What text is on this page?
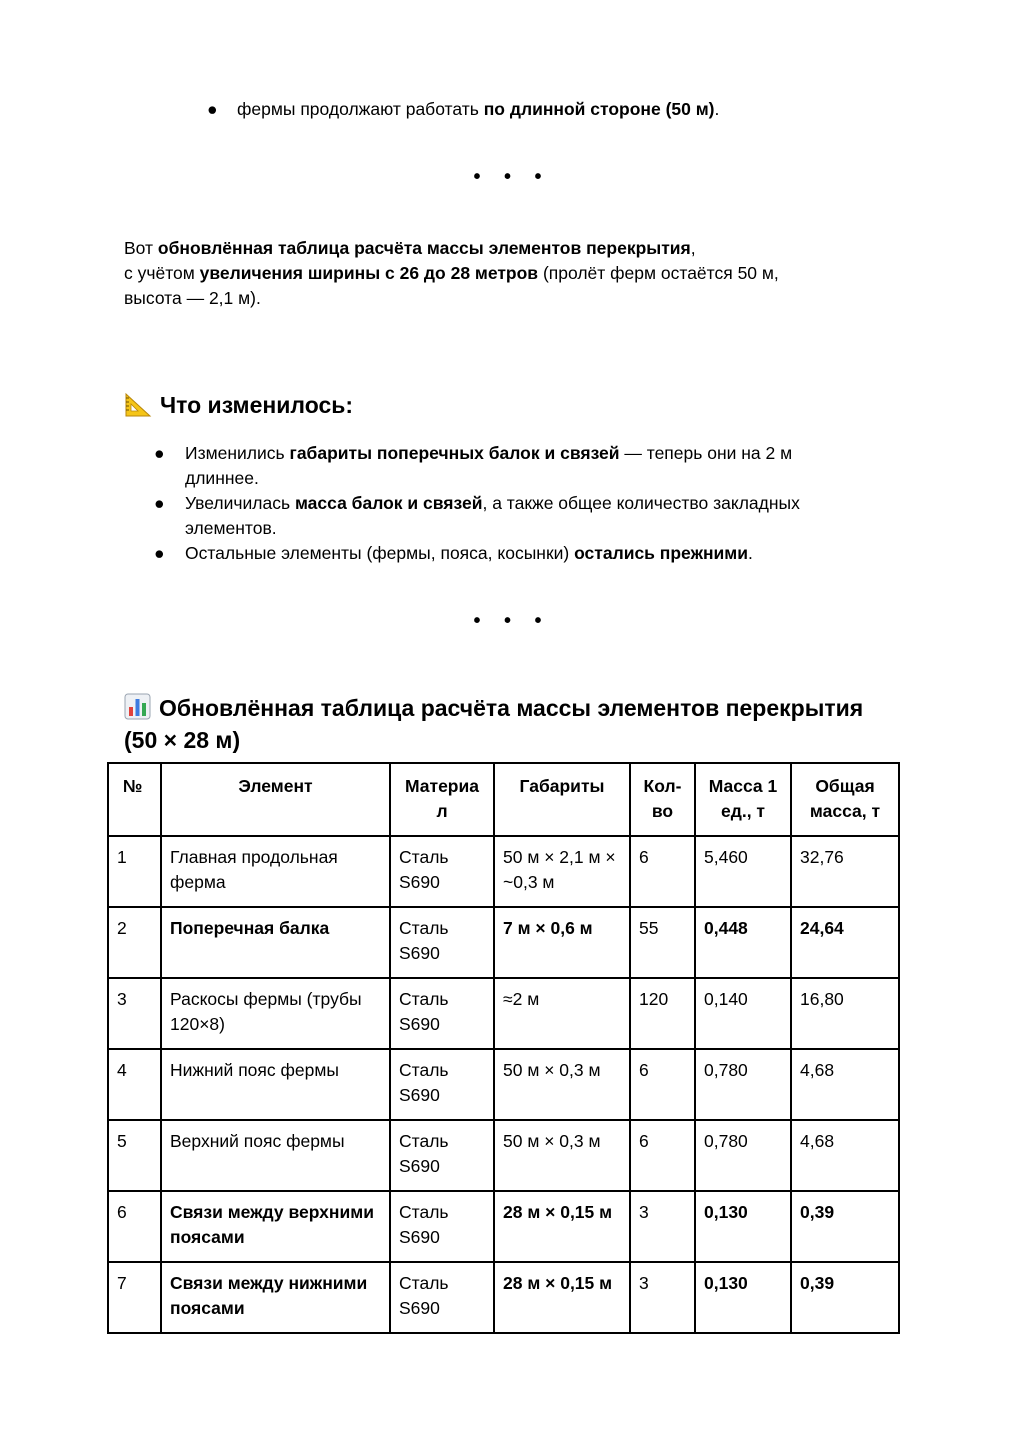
●	фермы продолжают работать по длинной стороне (50 м).
• • •
Вот обновлённая таблица расчёта массы элементов перекрытия,
с учётом увеличения ширины с 26 до 28 метров (пролёт ферм остаётся 50 м,
высота — 2,1 м).
Что изменилось:
● Изменились габариты поперечных балок и связей — теперь они на 2 м
длиннее.
● Увеличилась масса балок и связей, а также общее количество закладных
элементов.
● Остальные элементы (фермы, пояса, косынки) остались прежними.
• • •
Обновлённая таблица расчёта массы элементов перекрытия
(50 × 28 м)
№	Элемент	Материа л	Габариты	Кол- во	Масса 1 ед., т	Общая масса, т
1	Главная продольная ферма	Сталь S690	50 м × 2,1 м × ~0,3 м	6	5,460	32,76
2	Поперечная балка	Сталь S690	7 м × 0,6 м	55	0,448	24,64
3	Раскосы фермы (трубы 120×8)	Сталь S690	≈2 м	120	0,140	16,80
4	Нижний пояс фермы	Сталь S690	50 м × 0,3 м	6	0,780	4,68
5	Верхний пояс фермы	Сталь S690	50 м × 0,3 м	6	0,780	4,68
6	Связи между верхними поясами	Сталь S690	28 м × 0,15 м	3	0,130	0,39
7	Связи между нижними поясами	Сталь S690	28 м × 0,15 м	3	0,130	0,39
